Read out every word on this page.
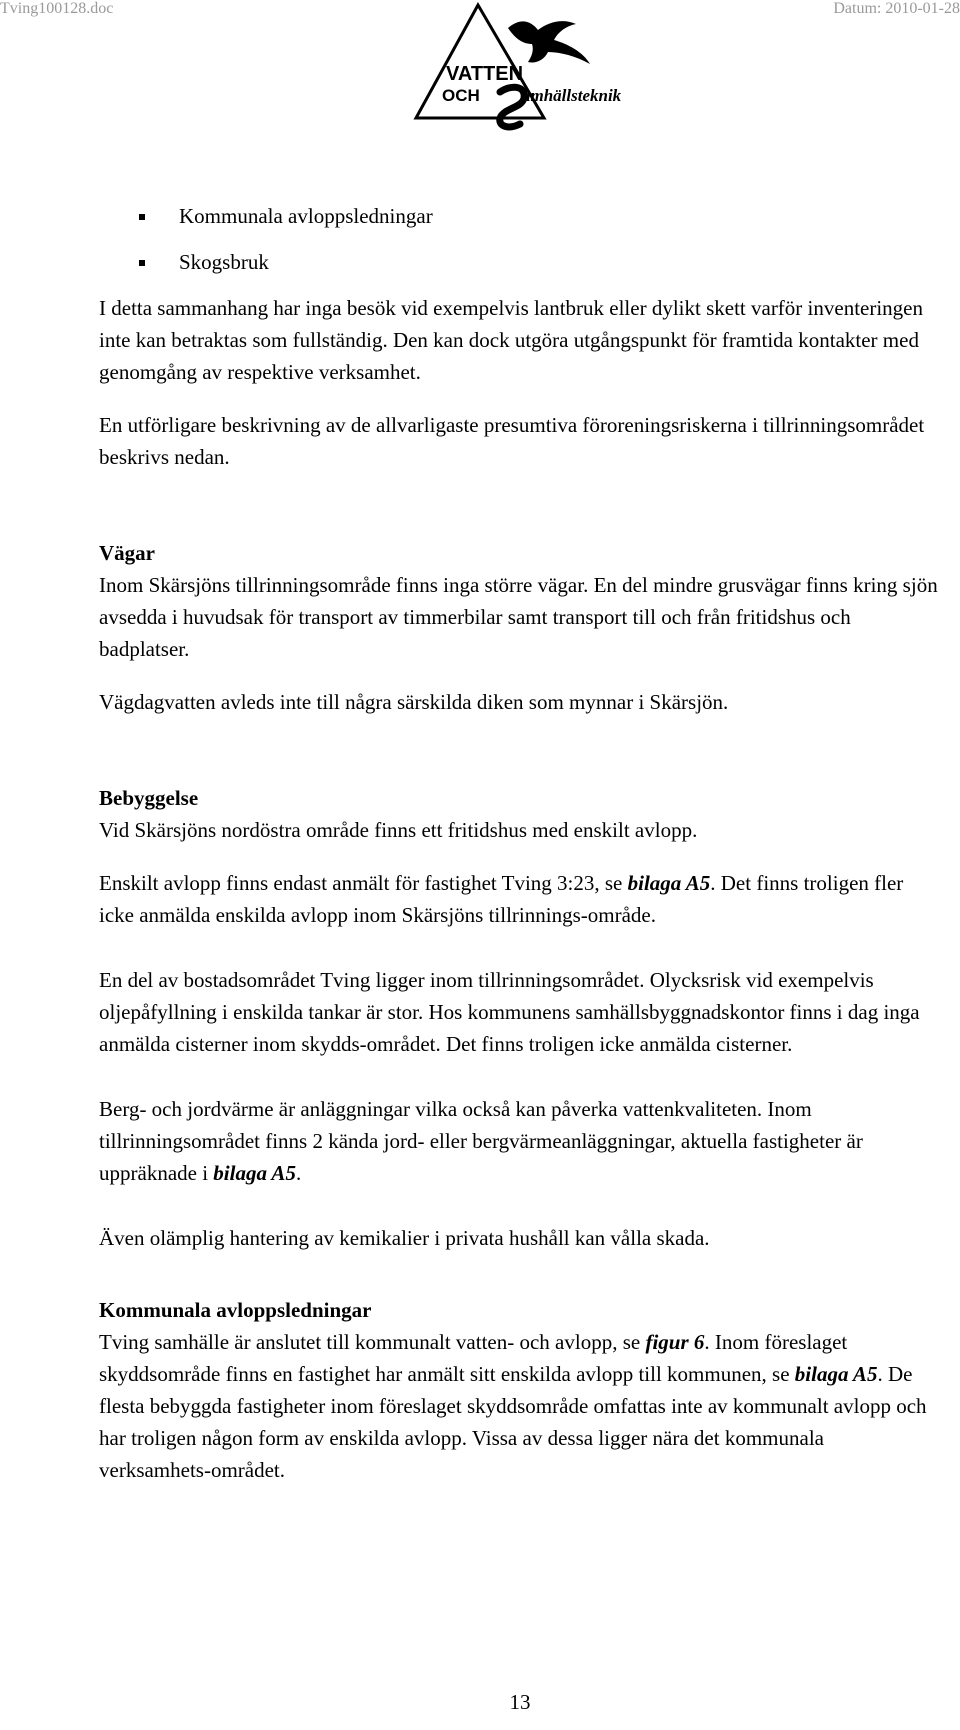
Tving100128.doc	Datum: 2010-01-28
VATTEN
OCH amhällsteknik
Kommunala avloppsledningar
Skogsbruk

I detta sammanhang har inga besök vid exempelvis lantbruk eller dylikt skett varför inventeringen inte kan betraktas som fullständig. Den kan dock utgöra utgångspunkt för framtida kontakter med genomgång av respektive verksamhet.

En utförligare beskrivning av de allvarligaste presumtiva föroreningsriskerna i tillrinningsområdet beskrivs nedan.

Vägar

Inom Skärsjöns tillrinningsområde finns inga större vägar. En del mindre grusvägar finns kring sjön avsedda i huvudsak för transport av timmerbilar samt transport till och från fritidshus och badplatser.

Vägdagvatten avleds inte till några särskilda diken som mynnar i Skärsjön.

Bebyggelse

Vid Skärsjöns nordöstra område finns ett fritidshus med enskilt avlopp.

Enskilt avlopp finns endast anmält för fastighet Tving 3:23, se bilaga A5. Det finns troligen fler icke anmälda enskilda avlopp inom Skärsjöns tillrinnings-område.

En del av bostadsområdet Tving ligger inom tillrinningsområdet. Olycksrisk vid exempelvis oljepåfyllning i enskilda tankar är stor. Hos kommunens samhällsbyggnadskontor finns i dag inga anmälda cisterner inom skydds-området. Det finns troligen icke anmälda cisterner.

Berg- och jordvärme är anläggningar vilka också kan påverka vattenkvaliteten. Inom tillrinningsområdet finns 2 kända jord- eller bergvärmeanläggningar, aktuella fastigheter är uppräknade i bilaga A5.

Även olämplig hantering av kemikalier i privata hushåll kan vålla skada.

Kommunala avloppsledningar

Tving samhälle är anslutet till kommunalt vatten- och avlopp, se figur 6. Inom föreslaget skyddsområde finns en fastighet har anmält sitt enskilda avlopp till kommunen, se bilaga A5. De flesta bebyggda fastigheter inom föreslaget skyddsområde omfattas inte av kommunalt avlopp och har troligen någon form av enskilda avlopp. Vissa av dessa ligger nära det kommunala verksamhets-området.

13
